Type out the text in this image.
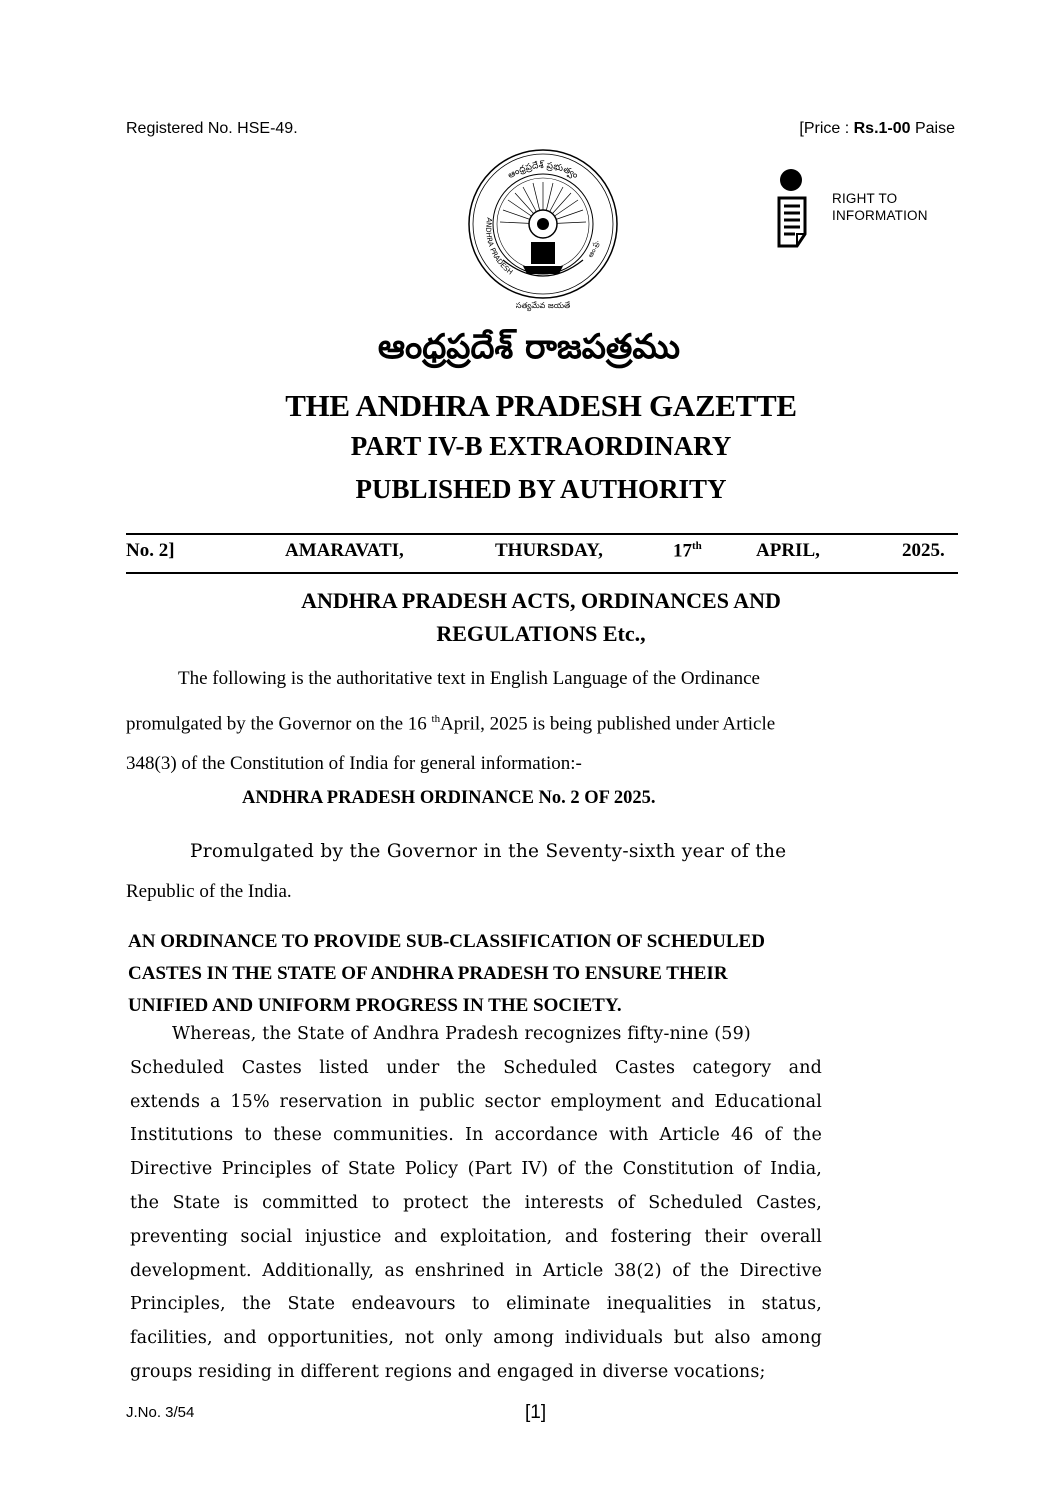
Registered No. HSE-49.	[Price : Rs.1-00 Paise
ఆంధ్రప్రదేశ్ ప్రభుత్వం
ANDHRA PRADESH
ఆం.ప్ర.
సత్యమేవ జయతే
RIGHT TO
INFORMATION
ఆంధ్రప్రదేశ్ రాజపత్రము
THE ANDHRA PRADESH GAZETTE
PART IV-B EXTRAORDINARY
PUBLISHED BY AUTHORITY
No. 2]	AMARAVATI,	THURSDAY,	17th	APRIL,	2025.
ANDHRA PRADESH ACTS, ORDINANCES AND
REGULATIONS Etc.,
The following is the authoritative text in English Language of the Ordinance
promulgated by the Governor on the 16 $^{th}$April, 2025 is being published under Article
348(3) of the Constitution of India for general information:-
ANDHRA PRADESH ORDINANCE No. 2 OF 2025.
Promulgated by the Governor in the Seventy-sixth year of the
Republic of the India.
AN ORDINANCE TO PROVIDE SUB-CLASSIFICATION OF SCHEDULED
CASTES IN THE STATE OF ANDHRA PRADESH TO ENSURE THEIR
UNIFIED AND UNIFORM PROGRESS IN THE SOCIETY.
Whereas, the State of Andhra Pradesh recognizes fifty-nine (59)
Scheduled Castes listed under the Scheduled Castes category and
extends a 15% reservation in public sector employment and Educational
Institutions to these communities. In accordance with Article 46 of the
Directive Principles of State Policy (Part IV) of the Constitution of India,
the State is committed to protect the interests of Scheduled Castes,
preventing social injustice and exploitation, and fostering their overall
development. Additionally, as enshrined in Article 38(2) of the Directive
Principles, the State endeavours to eliminate inequalities in status,
facilities, and opportunities, not only among individuals but also among
groups residing in different regions and engaged in diverse vocations;
J.No. 3/54	[1]
